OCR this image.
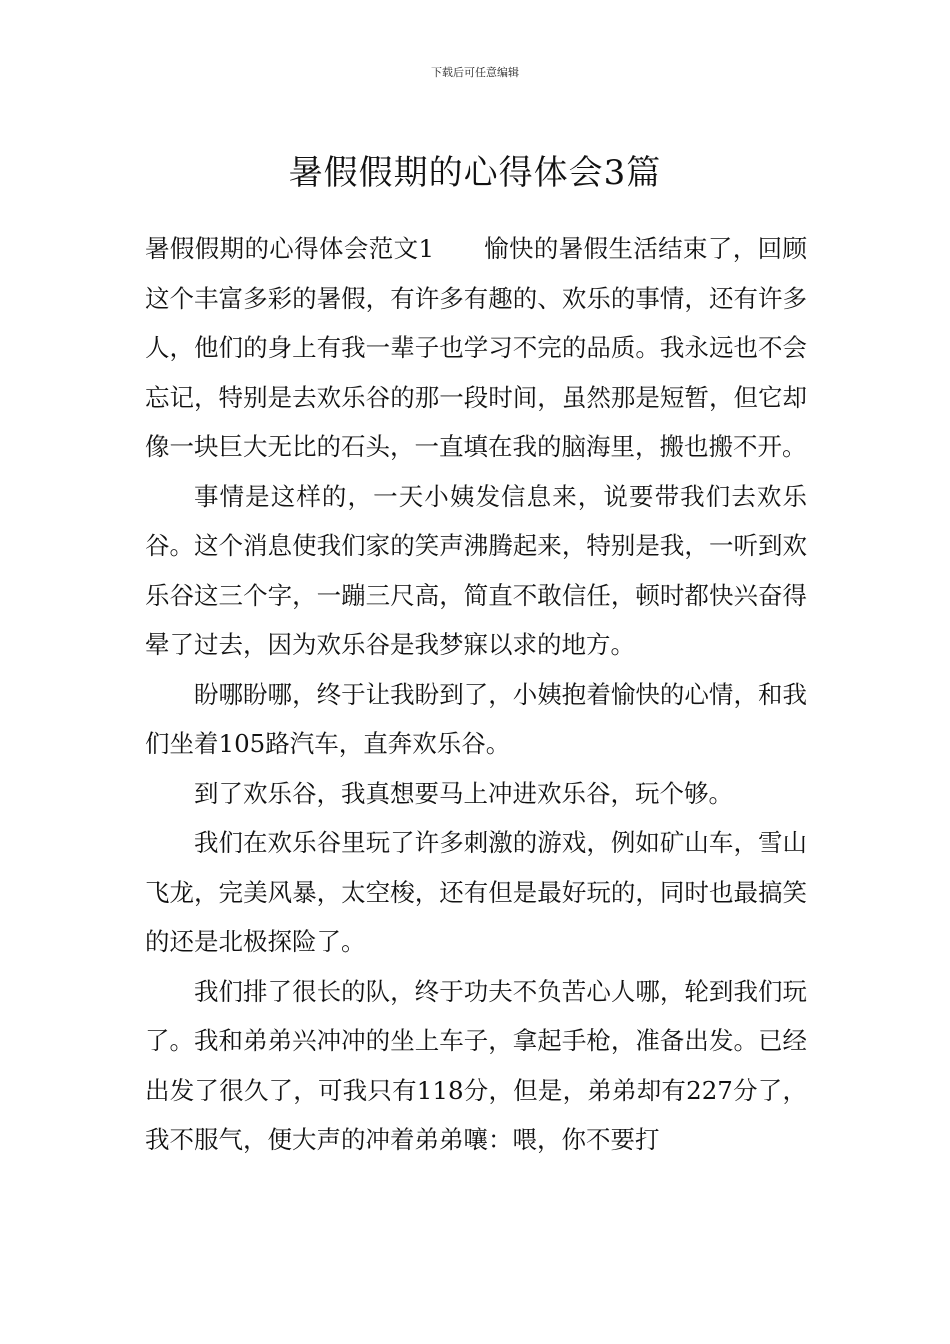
下载后可任意编辑
暑假假期的心得体会3篇

暑假假期的心得体会范文1　　愉快的暑假生活结束了，回顾这个丰富多彩的暑假，有许多有趣的、欢乐的事情，还有许多人，他们的身上有我一辈子也学习不完的品质。我永远也不会忘记，特别是去欢乐谷的那一段时间，虽然那是短暂，但它却像一块巨大无比的石头，一直填在我的脑海里，搬也搬不开。

事情是这样的，一天小姨发信息来，说要带我们去欢乐谷。这个消息使我们家的笑声沸腾起来，特别是我，一听到欢乐谷这三个字，一蹦三尺高，简直不敢信任，顿时都快兴奋得晕了过去，因为欢乐谷是我梦寐以求的地方。

盼哪盼哪，终于让我盼到了，小姨抱着愉快的心情，和我们坐着105路汽车，直奔欢乐谷。

到了欢乐谷，我真想要马上冲进欢乐谷，玩个够。

我们在欢乐谷里玩了许多刺激的游戏，例如矿山车，雪山飞龙，完美风暴，太空梭，还有但是最好玩的，同时也最搞笑的还是北极探险了。

我们排了很长的队，终于功夫不负苦心人哪，轮到我们玩了。我和弟弟兴冲冲的坐上车子，拿起手枪，准备出发。已经出发了很久了，可我只有118分，但是，弟弟却有227分了，我不服气，便大声的冲着弟弟嚷：喂，你不要打
